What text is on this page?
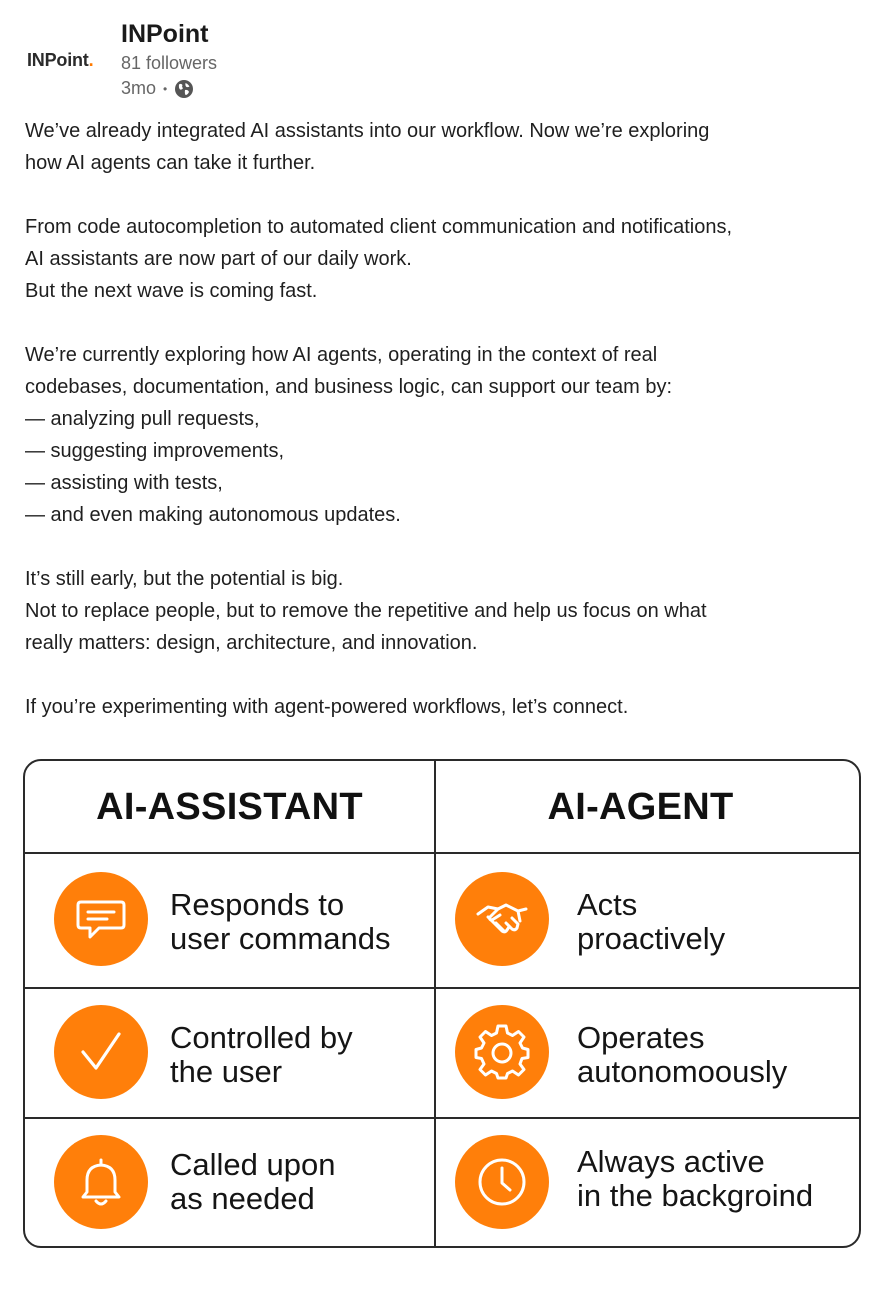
INPoint.
INPoint
81 followers
3mo •

We’ve already integrated AI assistants into our workflow. Now we’re exploring
how AI agents can take it further.

From code autocompletion to automated client communication and notifications,
AI assistants are now part of our daily work.
But the next wave is coming fast.

We’re currently exploring how AI agents, operating in the context of real
codebases, documentation, and business logic, can support our team by:
— analyzing pull requests,
— suggesting improvements,
— assisting with tests,
— and even making autonomous updates.

It’s still early, but the potential is big.
Not to replace people, but to remove the repetitive and help us focus on what
really matters: design, architecture, and innovation.

If you’re experimenting with agent-powered workflows, let’s connect.

AI-ASSISTANT	AI-AGENT
Responds to
user commands
Acts
proactively
Controlled by
the user
Operates
autonomoously
Called upon
as needed
Always active
in the backgroind
